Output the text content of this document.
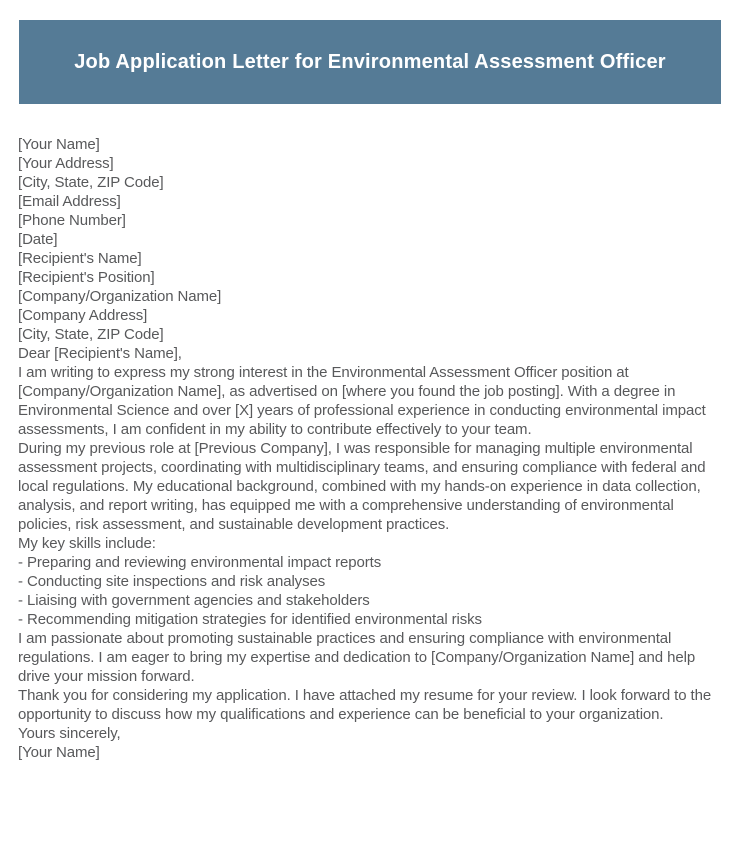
Job Application Letter for Environmental Assessment Officer

[Your Name]

[Your Address]

[City, State, ZIP Code]

[Email Address]

[Phone Number]

[Date]

[Recipient's Name]

[Recipient's Position]

[Company/Organization Name]

[Company Address]

[City, State, ZIP Code]

Dear [Recipient's Name],

I am writing to express my strong interest in the Environmental Assessment Officer position at [Company/Organization Name], as advertised on [where you found the job posting]. With a degree in Environmental Science and over [X] years of professional experience in conducting environmental impact assessments, I am confident in my ability to contribute effectively to your team.

During my previous role at [Previous Company], I was responsible for managing multiple environmental assessment projects, coordinating with multidisciplinary teams, and ensuring compliance with federal and local regulations. My educational background, combined with my hands-on experience in data collection, analysis, and report writing, has equipped me with a comprehensive understanding of environmental policies, risk assessment, and sustainable development practices.

My key skills include:

- Preparing and reviewing environmental impact reports

- Conducting site inspections and risk analyses

- Liaising with government agencies and stakeholders

- Recommending mitigation strategies for identified environmental risks

I am passionate about promoting sustainable practices and ensuring compliance with environmental regulations. I am eager to bring my expertise and dedication to [Company/Organization Name] and help drive your mission forward.

Thank you for considering my application. I have attached my resume for your review. I look forward to the opportunity to discuss how my qualifications and experience can be beneficial to your organization.

Yours sincerely,

[Your Name]
